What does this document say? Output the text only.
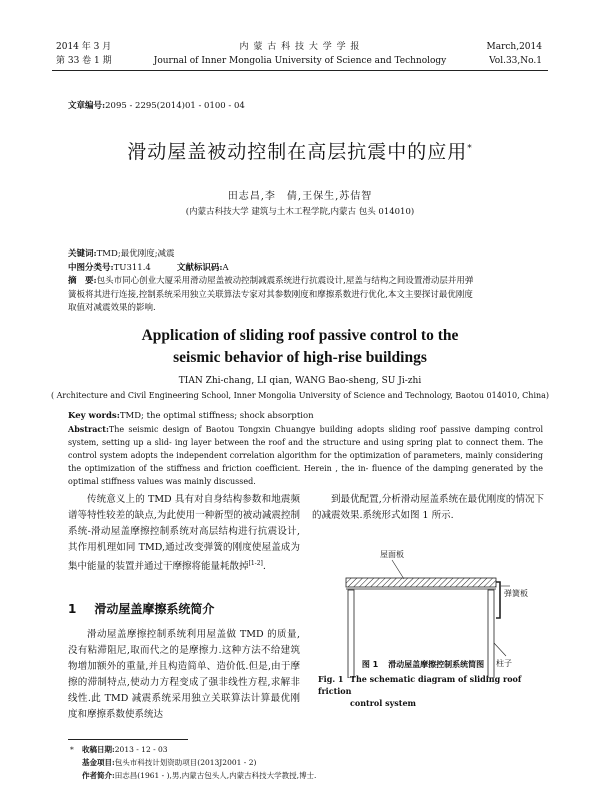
2014 年 3 月
第 33 卷 1 期
内 蒙 古 科 技 大 学 学 报
Journal of Inner Mongolia University of Science and Technology
March,2014
Vol.33,No.1
文章编号:2095 - 2295(2014)01 - 0100 - 04
滑动屋盖被动控制在高层抗震中的应用*
田志昌,李　倩,王保生,苏佶智
(内蒙古科技大学 建筑与土木工程学院,内蒙古 包头 014010)
关键词:TMD;最优刚度;减震
中图分类号:TU311.4	文献标识码:A
摘　要:包头市同心创业大厦采用滑动屋盖被动控制减震系统进行抗震设计,屋盖与结构之间设置滑动层并用弹
簧板将其进行连接,控制系统采用独立关联算法专家对其参数刚度和摩擦系数进行优化,本文主要探讨最优刚度
取值对减震效果的影响.
Application of sliding roof passive control to the
seismic behavior of high-rise buildings
TIAN Zhi-chang, LI qian, WANG Bao-sheng, SU Ji-zhi
( Architecture and Civil Engineering School, Inner Mongolia University of Science and Technology, Baotou 014010, China)
Key words:TMD; the optimal stiffness; shock absorption
Abstract:The seismic design of Baotou Tongxin Chuangye building adopts sliding roof passive damping control system, setting up a slid- ing layer between the roof and the structure and using spring plat to connect them. The control system adopts the independent correlation algorithm for the optimization of parameters, mainly considering the optimization of the stiffness and friction coefficient. Herein , the in- fluence of the damping generated by the optimal stiffness values was mainly discussed.

传统意义上的 TMD 具有对自身结构参数和地震频谱等特性较差的缺点,为此使用一种新型的被动减震控制系统-滑动屋盖摩擦控制系统对高层结构进行抗震设计,其作用机理如同 TMD,通过改变弹簧的刚度使屋盖成为集中能量的装置并通过干摩擦将能量耗散掉[1-2].

1 滑动屋盖摩擦系统简介

滑动屋盖摩擦控制系统利用屋盖做 TMD 的质量,没有粘滞阻尼,取而代之的是摩擦力.这种方法不给建筑物增加额外的重量,并且构造简单、造价低.但是,由于摩擦的滞制特点,使动力方程变成了强非线性方程,求解非线性.此 TMD 减震系统采用独立关联算法计算最优刚度和摩擦系数使系统达

到最优配置,分析滑动屋盖系统在最优刚度的情况下的减震效果.系统形式如图 1 所示.

屋面板
弹簧板
柱子
图 1 滑动屋盖摩擦控制系统简图
Fig. 1 The schematic diagram of sliding roof friction
control system
* 收稿日期:2013 - 12 - 03
基金项目:包头市科技计划资助项目(2013J2001 - 2)
作者简介:田志昌(1961 - ),男,内蒙古包头人,内蒙古科技大学教授,博士.
